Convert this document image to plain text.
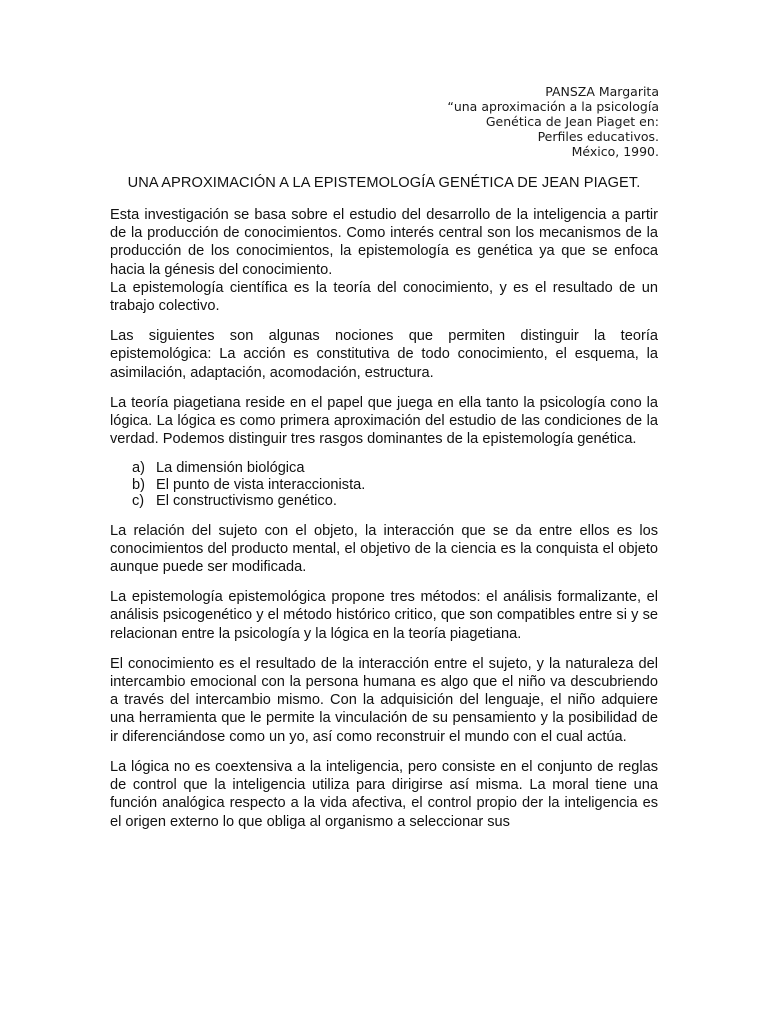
PANSZA Margarita
“una aproximación a la psicología
Genética de Jean Piaget en:
Perfiles educativos.
México, 1990.
UNA APROXIMACIÓN A LA EPISTEMOLOGÍA GENÉTICA DE JEAN PIAGET.

Esta investigación se basa sobre el estudio del desarrollo de la inteligencia a partir de la producción de conocimientos. Como interés central son los mecanismos de la producción de los conocimientos, la epistemología es genética ya que se enfoca hacia la génesis del conocimiento.

La epistemología científica es la teoría del conocimiento, y es el resultado de un trabajo colectivo.

Las siguientes son algunas nociones que permiten distinguir la teoría epistemológica: La acción es constitutiva de todo conocimiento, el esquema, la asimilación, adaptación, acomodación, estructura.

La teoría piagetiana reside en el papel que juega en ella tanto la psicología cono la lógica. La lógica es como primera aproximación del estudio de las condiciones de la verdad. Podemos distinguir tres rasgos dominantes de la epistemología genética.

a) La dimensión biológica
b) El punto de vista interaccionista.
c) El constructivismo genético.

La relación del sujeto con el objeto, la interacción que se da entre ellos es los conocimientos del producto mental, el objetivo de la ciencia es la conquista el objeto aunque puede ser modificada.

La epistemología epistemológica propone tres métodos: el análisis formalizante, el análisis psicogenético y el método histórico critico, que son compatibles entre si y se relacionan entre la psicología y la lógica en la teoría piagetiana.

El conocimiento es el resultado de la interacción entre el sujeto, y la naturaleza del intercambio emocional con la persona humana es algo que el niño va descubriendo a través del intercambio mismo. Con la adquisición del lenguaje, el niño adquiere una herramienta que le permite la vinculación de su pensamiento y la posibilidad de ir diferenciándose como un yo, así como reconstruir el mundo con el cual actúa.

La lógica no es coextensiva a la inteligencia, pero consiste en el conjunto de reglas de control que la inteligencia utiliza para dirigirse así misma. La moral tiene una función analógica respecto a la vida afectiva, el control propio der la inteligencia es el origen externo lo que obliga al organismo a seleccionar sus
